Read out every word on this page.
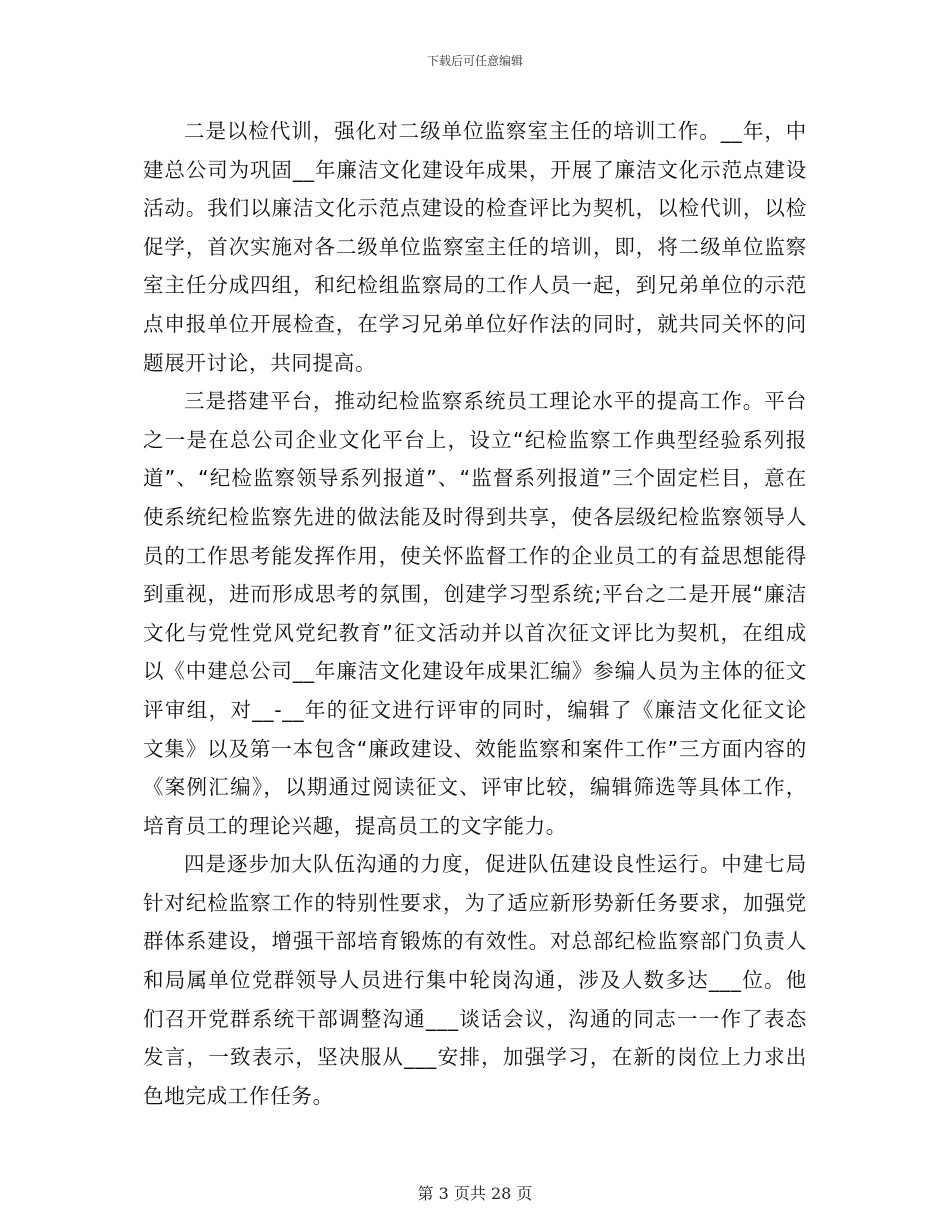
下载后可任意编辑

二是以检代训，强化对二级单位监察室主任的培训工作。__年，中建总公司为巩固__年廉洁文化建设年成果，开展了廉洁文化示范点建设活动。我们以廉洁文化示范点建设的检查评比为契机，以检代训，以检促学，首次实施对各二级单位监察室主任的培训，即，将二级单位监察室主任分成四组，和纪检组监察局的工作人员一起，到兄弟单位的示范点申报单位开展检查，在学习兄弟单位好作法的同时，就共同关怀的问题展开讨论，共同提高。

三是搭建平台，推动纪检监察系统员工理论水平的提高工作。平台之一是在总公司企业文化平台上，设立“纪检监察工作典型经验系列报道”、“纪检监察领导系列报道”、“监督系列报道”三个固定栏目，意在使系统纪检监察先进的做法能及时得到共享，使各层级纪检监察领导人员的工作思考能发挥作用，使关怀监督工作的企业员工的有益思想能得到重视，进而形成思考的氛围，创建学习型系统;平台之二是开展“廉洁文化与党性党风党纪教育”征文活动并以首次征文评比为契机，在组成以《中建总公司__年廉洁文化建设年成果汇编》参编人员为主体的征文评审组，对__-__年的征文进行评审的同时，编辑了《廉洁文化征文论文集》以及第一本包含“廉政建设、效能监察和案件工作”三方面内容的《案例汇编》，以期通过阅读征文、评审比较，编辑筛选等具体工作，培育员工的理论兴趣，提高员工的文字能力。

四是逐步加大队伍沟通的力度，促进队伍建设良性运行。中建七局针对纪检监察工作的特别性要求，为了适应新形势新任务要求，加强党群体系建设，增强干部培育锻炼的有效性。对总部纪检监察部门负责人和局属单位党群领导人员进行集中轮岗沟通，涉及人数多达___位。他们召开党群系统干部调整沟通___谈话会议，沟通的同志一一作了表态发言，一致表示，坚决服从___安排，加强学习，在新的岗位上力求出色地完成工作任务。

第 3 页共 28 页
